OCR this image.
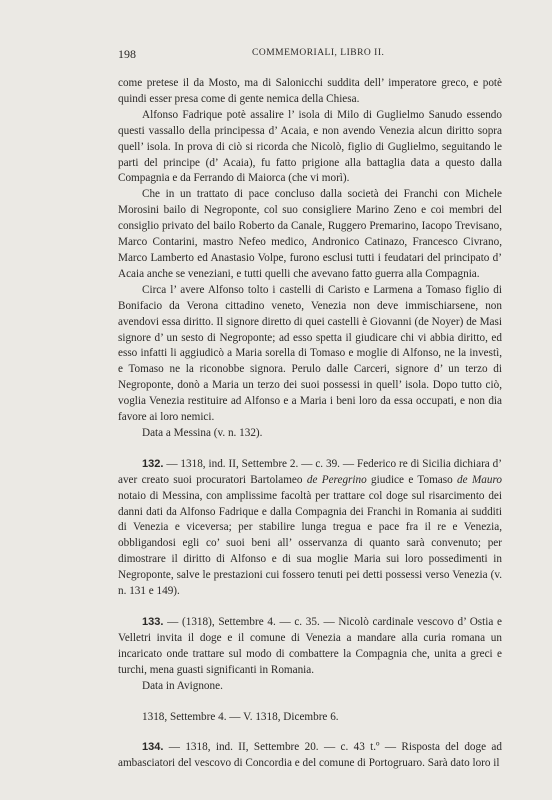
198	COMMEMORIALI, LIBRO II.

come pretese il da Mosto, ma di Salonicchi suddita dell’ imperatore greco, e potè quindi esser presa come di gente nemica della Chiesa.

Alfonso Fadrique potè assalire l’ isola di Milo di Guglielmo Sanudo essendo questi vassallo della principessa d’ Acaia, e non avendo Venezia alcun diritto sopra quell’ isola. In prova di ciò si ricorda che Nicolò, figlio di Guglielmo, seguitando le parti del principe (d’ Acaia), fu fatto prigione alla battaglia data a questo dalla Compagnia e da Ferrando di Maiorca (che vi morì).

Che in un trattato di pace concluso dalla società dei Franchi con Michele Morosini bailo di Negroponte, col suo consigliere Marino Zeno e coi membri del consiglio privato del bailo Roberto da Canale, Ruggero Premarino, Iacopo Trevisano, Marco Contarini, mastro Nefeo medico, Andronico Catinazo, Francesco Civrano, Marco Lamberto ed Anastasio Volpe, furono esclusi tutti i feudatari del principato d’ Acaia anche se veneziani, e tutti quelli che avevano fatto guerra alla Compagnia.

Circa l’ avere Alfonso tolto i castelli di Caristo e Larmena a Tomaso figlio di Bonifacio da Verona cittadino veneto, Venezia non deve immischiarsene, non avendovi essa diritto. Il signore diretto di quei castelli è Giovanni (de Noyer) de Masi signore d’ un sesto di Negroponte; ad esso spetta il giudicare chi vi abbia diritto, ed esso infatti li aggiudicò a Maria sorella di Tomaso e moglie di Alfonso, ne la investì, e Tomaso ne la riconobbe signora. Perulo dalle Carceri, signore d’ un terzo di Negroponte, donò a Maria un terzo dei suoi possessi in quell’ isola. Dopo tutto ciò, voglia Venezia restituire ad Alfonso e a Maria i beni loro da essa occupati, e non dia favore ai loro nemici.

Data a Messina (v. n. 132).

132. — 1318, ind. II, Settembre 2. — c. 39. — Federico re di Sicilia dichiara d’ aver creato suoi procuratori Bartolameo de Peregrino giudice e Tomaso de Mauro notaio di Messina, con amplissime facoltà per trattare col doge sul risarcimento dei danni dati da Alfonso Fadrique e dalla Compagnia dei Franchi in Romania ai sudditi di Venezia e viceversa; per stabilire lunga tregua e pace fra il re e Venezia, obbligandosi egli co’ suoi beni all’ osservanza di quanto sarà convenuto; per dimostrare il diritto di Alfonso e di sua moglie Maria sui loro possedimenti in Negroponte, salve le prestazioni cui fossero tenuti pei detti possessi verso Venezia (v. n. 131 e 149).

133. — (1318), Settembre 4. — c. 35. — Nicolò cardinale vescovo d’ Ostia e Velletri invita il doge e il comune di Venezia a mandare alla curia romana un incaricato onde trattare sul modo di combattere la Compagnia che, unita a greci e turchi, mena guasti significanti in Romania.

Data in Avignone.

1318, Settembre 4. — V. 1318, Dicembre 6.

134. — 1318, ind. II, Settembre 20. — c. 43 t.º — Risposta del doge ad ambasciatori del vescovo di Concordia e del comune di Portogruaro. Sarà dato loro il
